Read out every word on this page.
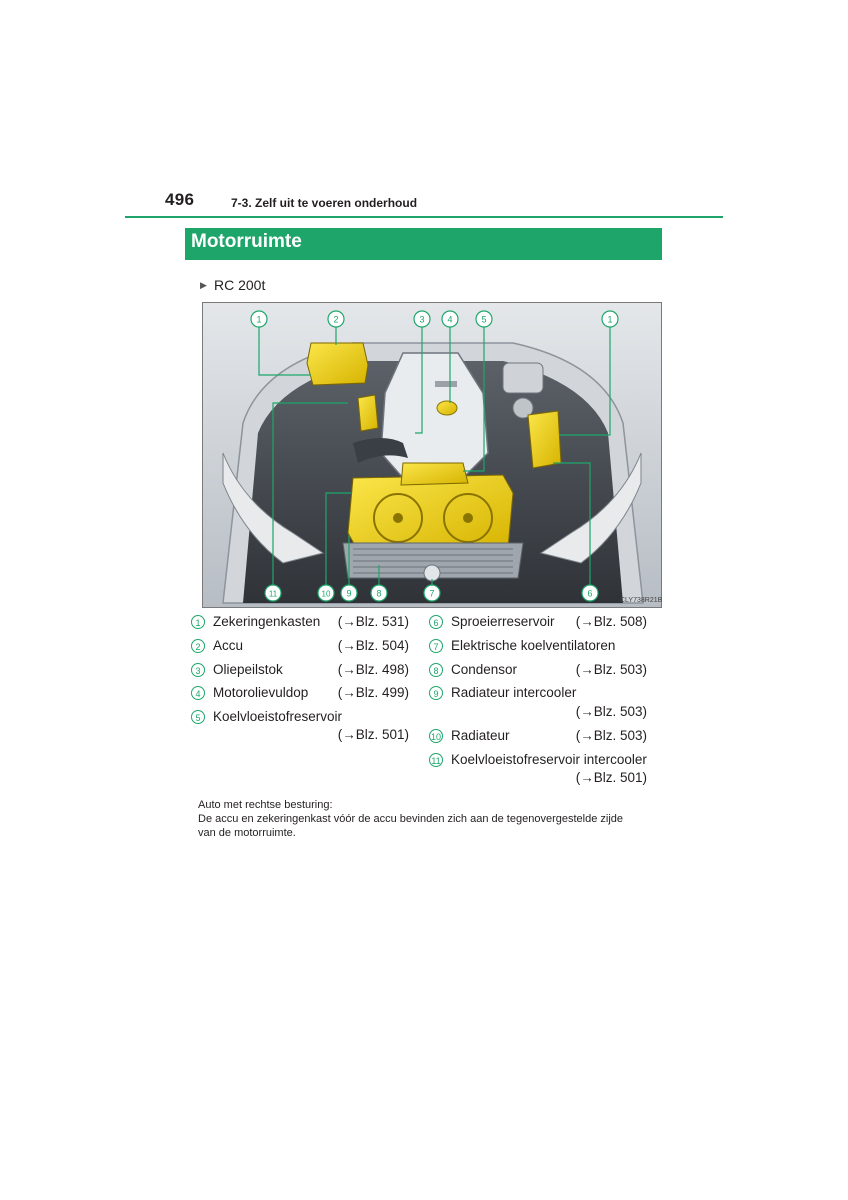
496	7-3. Zelf uit te voeren onderhoud
Motorruimte
▶ RC 200t
1	2	3	4	5	1
11	10 9	8	7	6
CLY738R21B
1 Zekeringenkasten (→Blz. 531)
2 Accu	(→Blz. 504)
3 Oliepeilstok	(→Blz. 498)
4 Motorolievuldop (→Blz. 499)
5 Koelvloeistofreservoir
(→Blz. 501)
6 Sproeierreservoir (→Blz. 508)
7 Elektrische koelventilatoren
8 Condensor	(→Blz. 503)
9 Radiateur intercooler
(→Blz. 503)
10 Radiateur	(→Blz. 503)
11 Koelvloeistofreservoir intercooler
(→Blz. 501)
Auto met rechtse besturing:
De accu en zekeringenkast vóór de accu bevinden zich aan de tegenovergestelde zijde
van de motorruimte.
